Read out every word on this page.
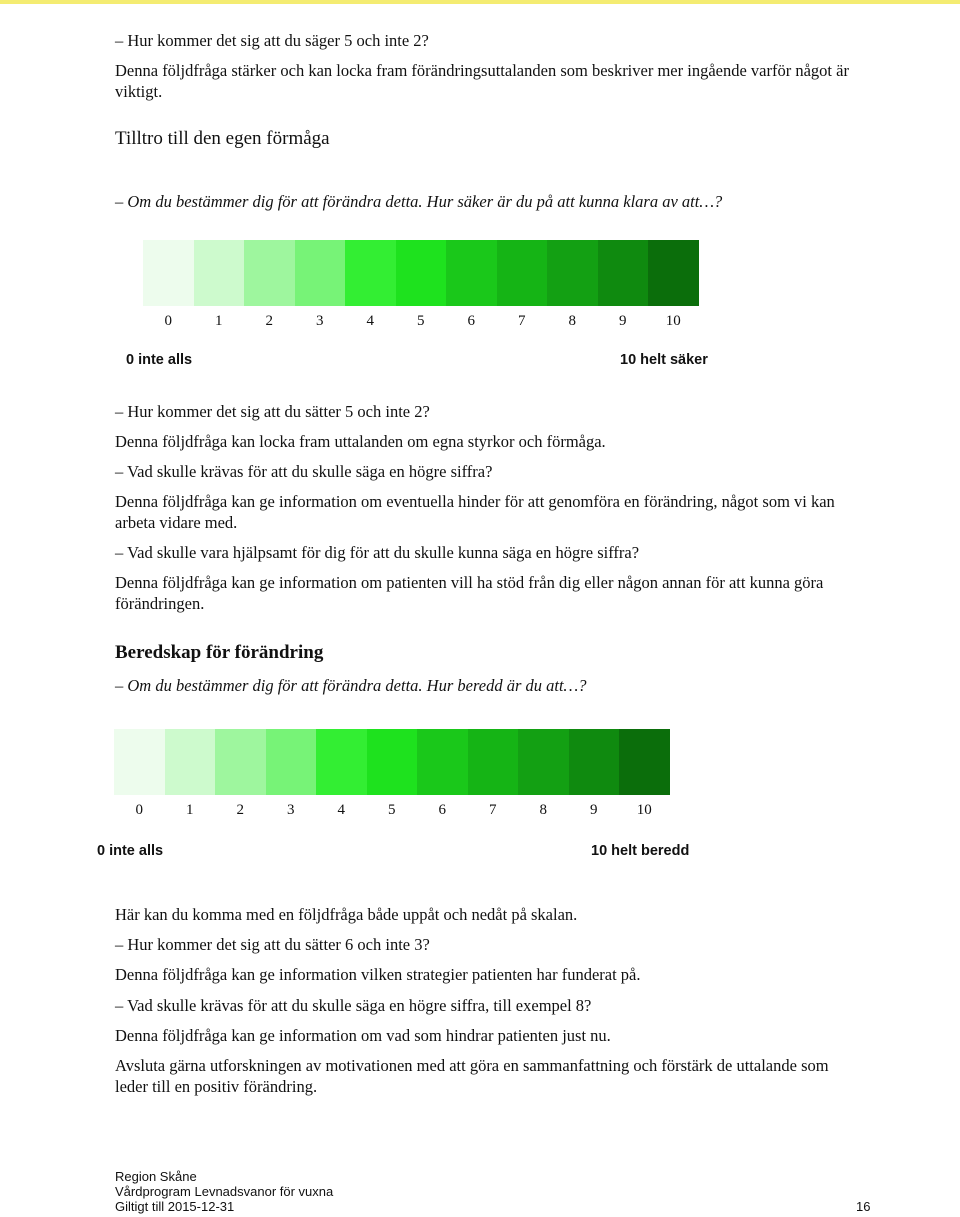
– Hur kommer det sig att du säger 5 och inte 2?
Denna följdfråga stärker och kan locka fram förändringsuttalanden som beskriver mer ingående varför något är viktigt.
Tilltro till den egen förmåga
– Om du bestämmer dig för att förändra detta. Hur säker är du på att kunna klara av att…?
0	1	2	3	4	5	6	7	8	9	10
0 inte alls	10 helt säker
– Hur kommer det sig att du sätter 5 och inte 2?
Denna följdfråga kan locka fram uttalanden om egna styrkor och förmåga.
– Vad skulle krävas för att du skulle säga en högre siffra?
Denna följdfråga kan ge information om eventuella hinder för att genomföra en förändring, något som vi kan arbeta vidare med.
– Vad skulle vara hjälpsamt för dig för att du skulle kunna säga en högre siffra?
Denna följdfråga kan ge information om patienten vill ha stöd från dig eller någon annan för att kunna göra förändringen.
Beredskap för förändring
– Om du bestämmer dig för att förändra detta. Hur beredd är du att…?
0	1	2	3	4	5	6	7	8	9	10
0 inte alls	10 helt beredd
Här kan du komma med en följdfråga både uppåt och nedåt på skalan.
– Hur kommer det sig att du sätter 6 och inte 3?
Denna följdfråga kan ge information vilken strategier patienten har funderat på.
– Vad skulle krävas för att du skulle säga en högre siffra, till exempel 8?
Denna följdfråga kan ge information om vad som hindrar patienten just nu.
Avsluta gärna utforskningen av motivationen med att göra en sammanfattning och förstärk de uttalande som leder till en positiv förändring.
Region Skåne
Vårdprogram Levnadsvanor för vuxna
Giltigt till 2015-12-31	16
